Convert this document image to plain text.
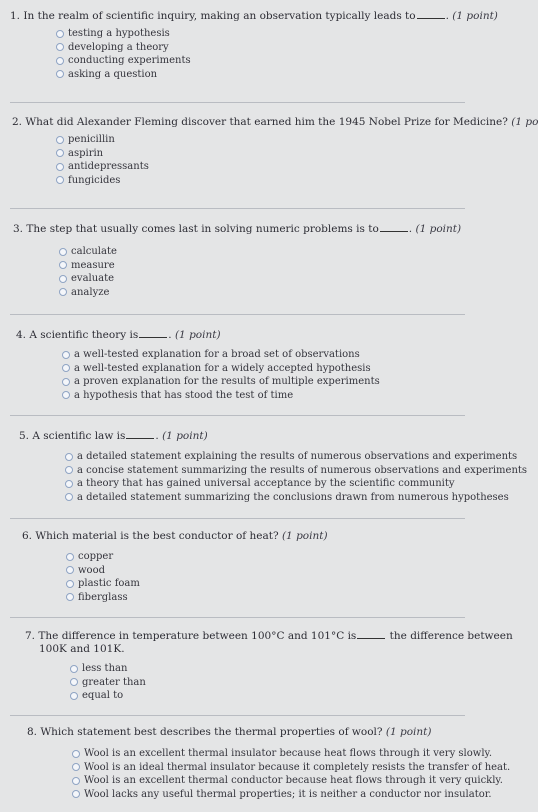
1. In the realm of scientific inquiry, making an observation typically leads to	. (1 point)
testing a hypothesis
developing a theory
conducting experiments
asking a question
2. What did Alexander Fleming discover that earned him the 1945 Nobel Prize for Medicine? (1 po
penicillin
aspirin
antidepressants
fungicides
3. The step that usually comes last in solving numeric problems is to	. (1 point)
calculate
measure
evaluate
analyze
4. A scientific theory is	. (1 point)
a well-tested explanation for a broad set of observations
a well-tested explanation for a widely accepted hypothesis
a proven explanation for the results of multiple experiments
a hypothesis that has stood the test of time
5. A scientific law is	. (1 point)
a detailed statement explaining the results of numerous observations and experiments
a concise statement summarizing the results of numerous observations and experiments
a theory that has gained universal acceptance by the scientific community
a detailed statement summarizing the conclusions drawn from numerous hypotheses
6. Which material is the best conductor of heat? (1 point)
copper
wood
plastic foam
fiberglass
7. The difference in temperature between 100°C and 101°C is	the difference between
100K and 101K.
less than
greater than
equal to
8. Which statement best describes the thermal properties of wool? (1 point)
Wool is an excellent thermal insulator because heat flows through it very slowly.
Wool is an ideal thermal insulator because it completely resists the transfer of heat.
Wool is an excellent thermal conductor because heat flows through it very quickly.
Wool lacks any useful thermal properties; it is neither a conductor nor insulator.
